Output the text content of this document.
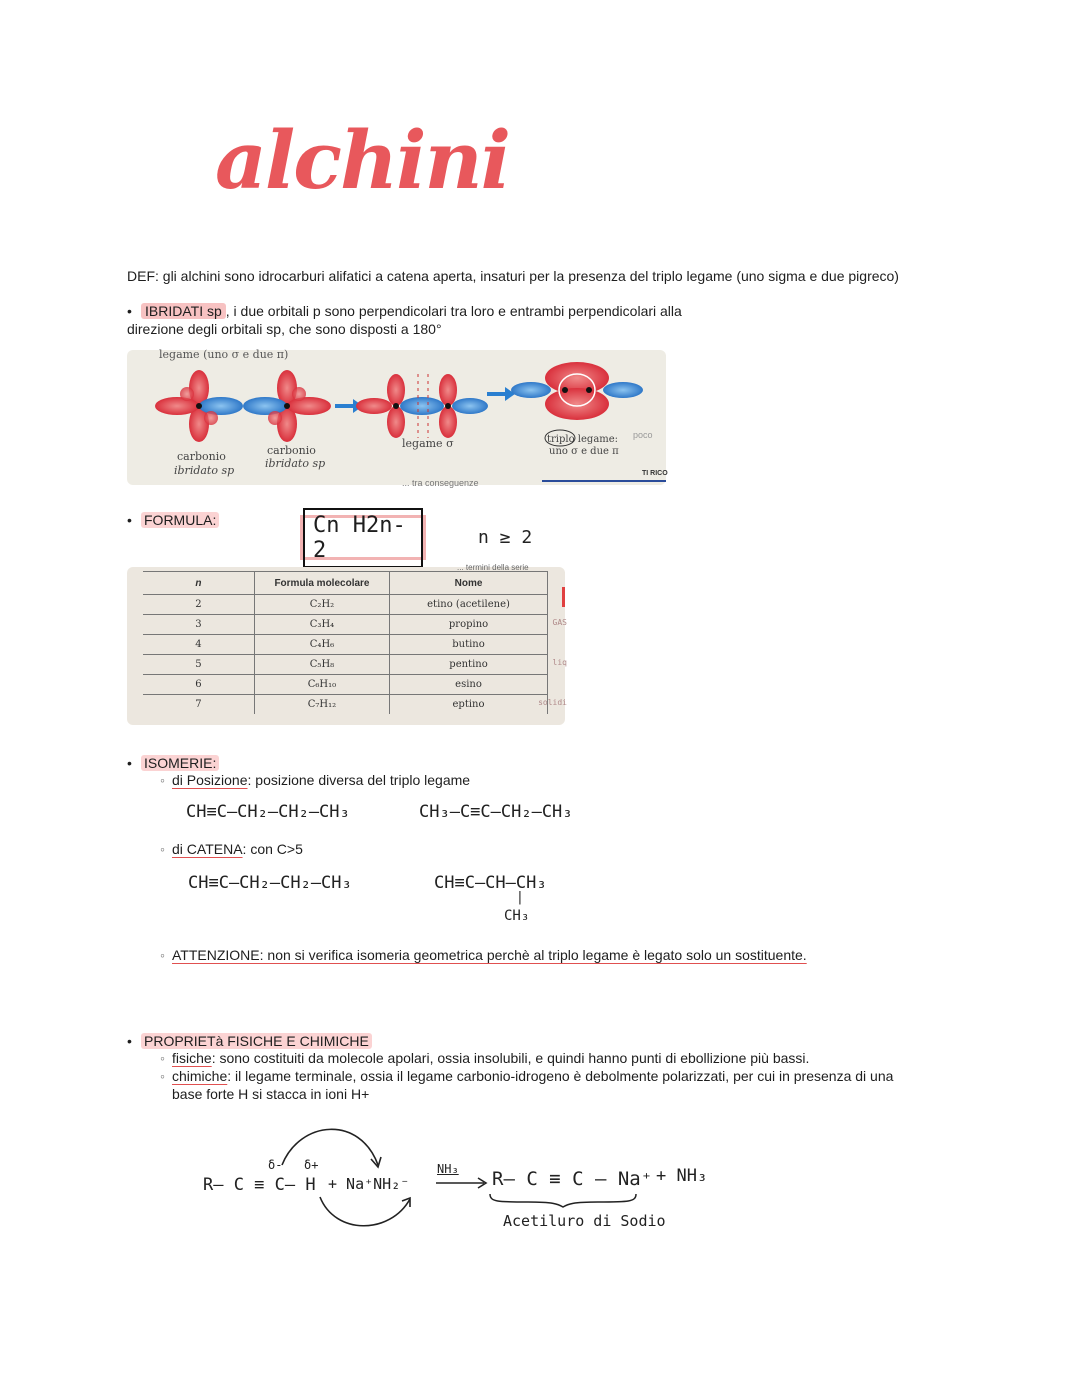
alchini
DEF: gli alchini sono idrocarburi alifatici a catena aperta, insaturi per la presenza del triplo legame (uno sigma e due pigreco)
• IBRIDATI sp , i due orbitali p sono perpendicolari tra loro e entrambi perpendicolari alla
direzione degli orbitali sp, che sono disposti a 180°
legame (uno σ e due π)
carbonio
ibridato sp
carbonio
ibridato sp
legame σ	triplo legame:
uno σ e due π
poco
... tra conseguenze
TI RICO
• FORMULA:	Cn H2n-2	n ≥ 2
... termini della serie
n	Formula molecolare	Nome
2	C₂H₂	etino (acetilene)
3	C₃H₄	propino GAS

4	C₄H₆	butino
5	C₅H₈	pentino liq

6	C₆H₁₀	esino
7	C₇H₁₂	eptino solidi
• ISOMERIE:
◦ di Posizione: posizione diversa del triplo legame
CH≡C–CH₂–CH₂–CH₃	CH₃–C≡C–CH₂–CH₃
◦ di CATENA: con C>5
CH≡C–CH₂–CH₂–CH₃	CH≡C–CH–CH₃
|
CH₃
◦ ATTENZIONE: non si verifica isomeria geometrica perchè al triplo legame è legato solo un sostituente.
• PROPRIETà FISICHE E CHIMICHE
◦ fisiche: sono costituiti da molecole apolari, ossia insolubili, e quindi hanno punti di ebollizione più bassi.
◦ chimiche: il legame terminale, ossia il legame carbonio-idrogeno è debolmente polarizzati, per cui in presenza di una
base forte H si stacca in ioni H+
δ- δ+
R– C ≡ C– H + Na⁺NH₂⁻
NH₃ → R– C ≡ C – Na⁺ + NH₃
Acetiluro di Sodio
